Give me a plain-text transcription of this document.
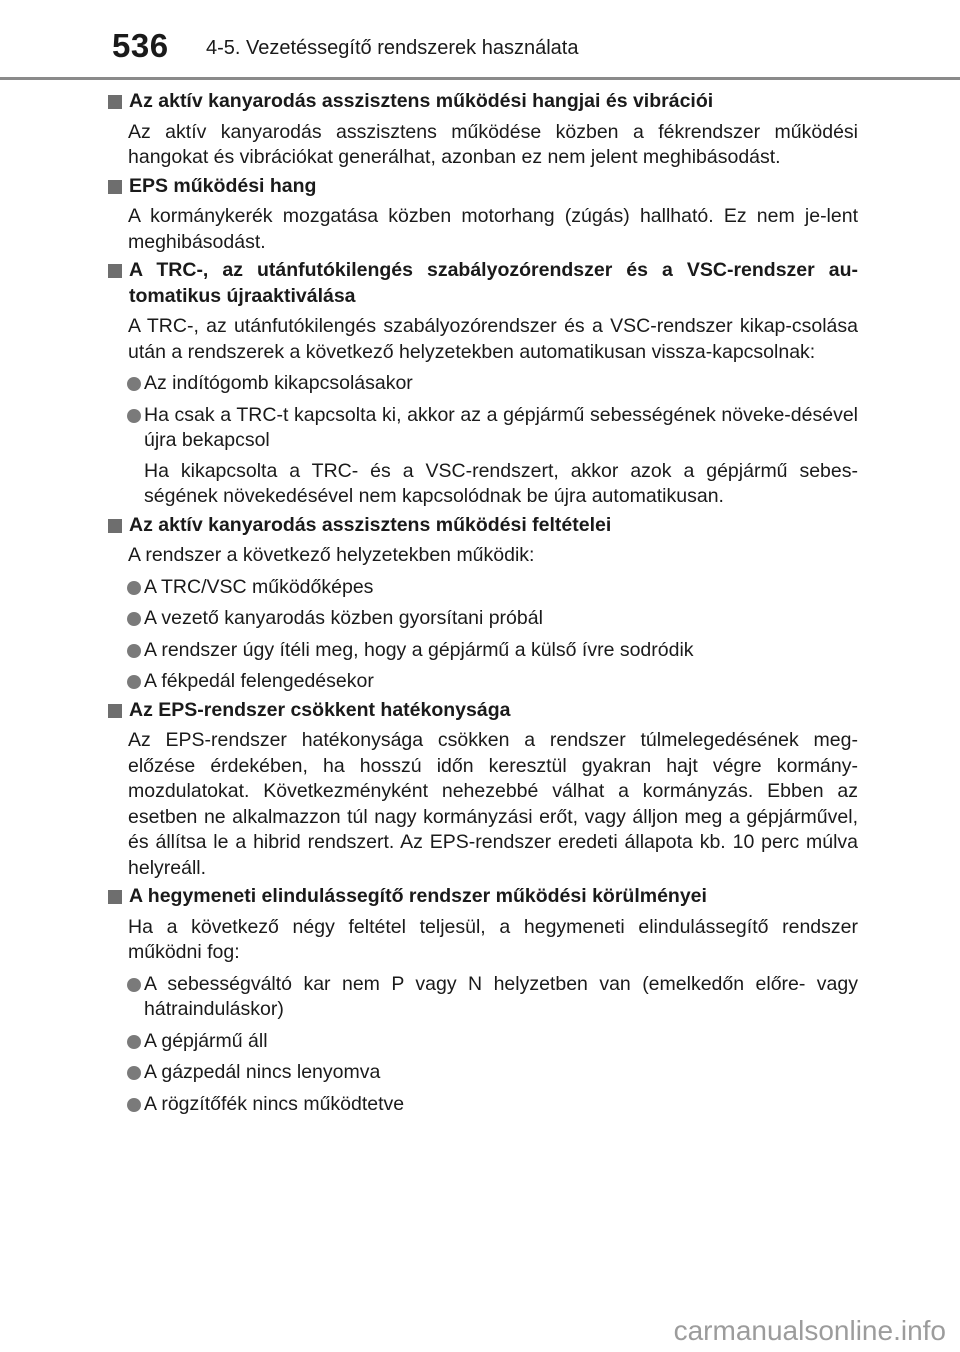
536 4-5. Vezetéssegítő rendszerek használata
Az aktív kanyarodás asszisztens működési hangjai és vibrációi
Az aktív kanyarodás asszisztens működése közben a fékrendszer működési hangokat és vibrációkat generálhat, azonban ez nem jelent meghibásodást.
EPS működési hang
A kormánykerék mozgatása közben motorhang (zúgás) hallható. Ez nem je-lent meghibásodást.
A TRC-, az utánfutókilengés szabályozórendszer és a VSC-rendszer au-tomatikus újraaktiválása
A TRC-, az utánfutókilengés szabályozórendszer és a VSC-rendszer kikap-csolása után a rendszerek a következő helyzetekben automatikusan vissza-kapcsolnak:
Az indítógomb kikapcsolásakor
Ha csak a TRC-t kapcsolta ki, akkor az a gépjármű sebességének növeke-désével újra bekapcsol
Ha kikapcsolta a TRC- és a VSC-rendszert, akkor azok a gépjármű sebes-ségének növekedésével nem kapcsolódnak be újra automatikusan.
Az aktív kanyarodás asszisztens működési feltételei
A rendszer a következő helyzetekben működik:
A TRC/VSC működőképes
A vezető kanyarodás közben gyorsítani próbál
A rendszer úgy ítéli meg, hogy a gépjármű a külső ívre sodródik
A fékpedál felengedésekor
Az EPS-rendszer csökkent hatékonysága
Az EPS-rendszer hatékonysága csökken a rendszer túlmelegedésének meg-előzése érdekében, ha hosszú időn keresztül gyakran hajt végre kormány-mozdulatokat. Következményként nehezebbé válhat a kormányzás. Ebben az esetben ne alkalmazzon túl nagy kormányzási erőt, vagy álljon meg a gépjárművel, és állítsa le a hibrid rendszert. Az EPS-rendszer eredeti állapota kb. 10 perc múlva helyreáll.
A hegymeneti elindulássegítő rendszer működési körülményei
Ha a következő négy feltétel teljesül, a hegymeneti elindulássegítő rendszer működni fog:
A sebességváltó kar nem P vagy N helyzetben van (emelkedőn előre- vagy hátrainduláskor)
A gépjármű áll
A gázpedál nincs lenyomva
A rögzítőfék nincs működtetve
carmanualsonline.info
